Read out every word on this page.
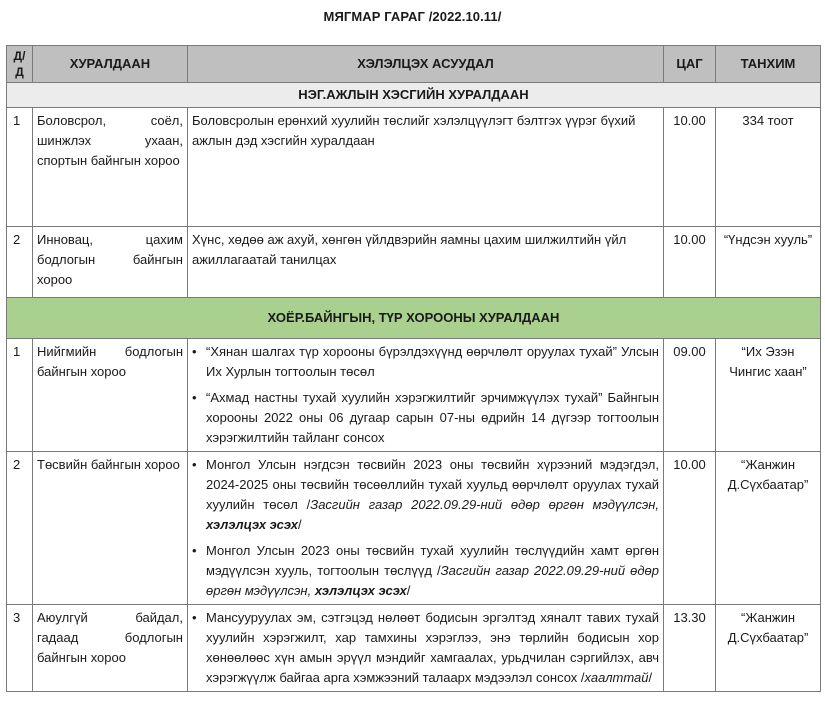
МЯГМАР ГАРАГ /2022.10.11/
Д/Д	ХУРАЛДААН	ХЭЛЭЛЦЭХ АСУУДАЛ	ЦАГ	ТАНХИМ
НЭГ.АЖЛЫН ХЭСГИЙН ХУРАЛДААН				
1	Боловсрол, соёл, шинжлэх ухаан, спортын байнгын хороо	Боловсролын ерөнхий хуулийн төслийг хэлэлцүүлэгт бэлтгэх үүрэг бүхий ажлын дэд хэсгийн хуралдаан	10.00	334 тоот
2	Инновац, цахим бодлогын байнгын хороо	Хүнс, хөдөө аж ахуй, хөнгөн үйлдвэрийн яамны цахим шилжилтийн үйл ажиллагаатай танилцах	10.00	“Үндсэн хууль”
ХОЁР.БАЙНГЫН, ТҮР ХОРООНЫ ХУРАЛДААН				
1	Нийгмийн бодлогын байнгын хороо	• “Хянан шалгах түр хорооны бүрэлдэхүүнд өөрчлөлт оруулах тухай” Улсын Их Хурлын тогтоолын төсөл
• “Ахмад настны тухай хуулийн хэрэгжилтийг эрчимжүүлэх тухай” Байнгын хорооны 2022 оны 06 дугаар сарын 07-ны өдрийн 14 дүгээр тогтоолын хэрэгжилтийн тайланг сонсох	09.00	“Их Эзэн Чингис хаан”
2	Төсвийн байнгын хороо	• Монгол Улсын нэгдсэн төсвийн 2023 оны төсвийн хүрээний мэдэгдэл, 2024-2025 оны төсвийн төсөөллийн тухай хуульд өөрчлөлт оруулах тухай хуулийн төсөл /Засгийн газар 2022.09.29-ний өдөр өргөн мэдүүлсэн, хэлэлцэх эсэх/
• Монгол Улсын 2023 оны төсвийн тухай хуулийн төслүүдийн хамт өргөн мэдүүлсэн хууль, тогтоолын төслүүд /Засгийн газар 2022.09.29-ний өдөр өргөн мэдүүлсэн, хэлэлцэх эсэх/	10.00	“Жанжин Д.Сүхбаатар”
3	Аюулгүй байдал, гадаад бодлогын байнгын хороо	• Мансууруулах эм, сэтгэцэд нөлөөт бодисын эргэлтэд хяналт тавих тухай хуулийн хэрэгжилт, хар тамхины хэрэглээ, энэ төрлийн бодисын хор хөнөөлөөс хүн амын эрүүл мэндийг хамгаалах, урьдчилан сэргийлэх, авч хэрэгжүүлж байгаа арга хэмжээний талаарх мэдээлэл сонсох /хаалттай/	13.30	“Жанжин Д.Сүхбаатар”
